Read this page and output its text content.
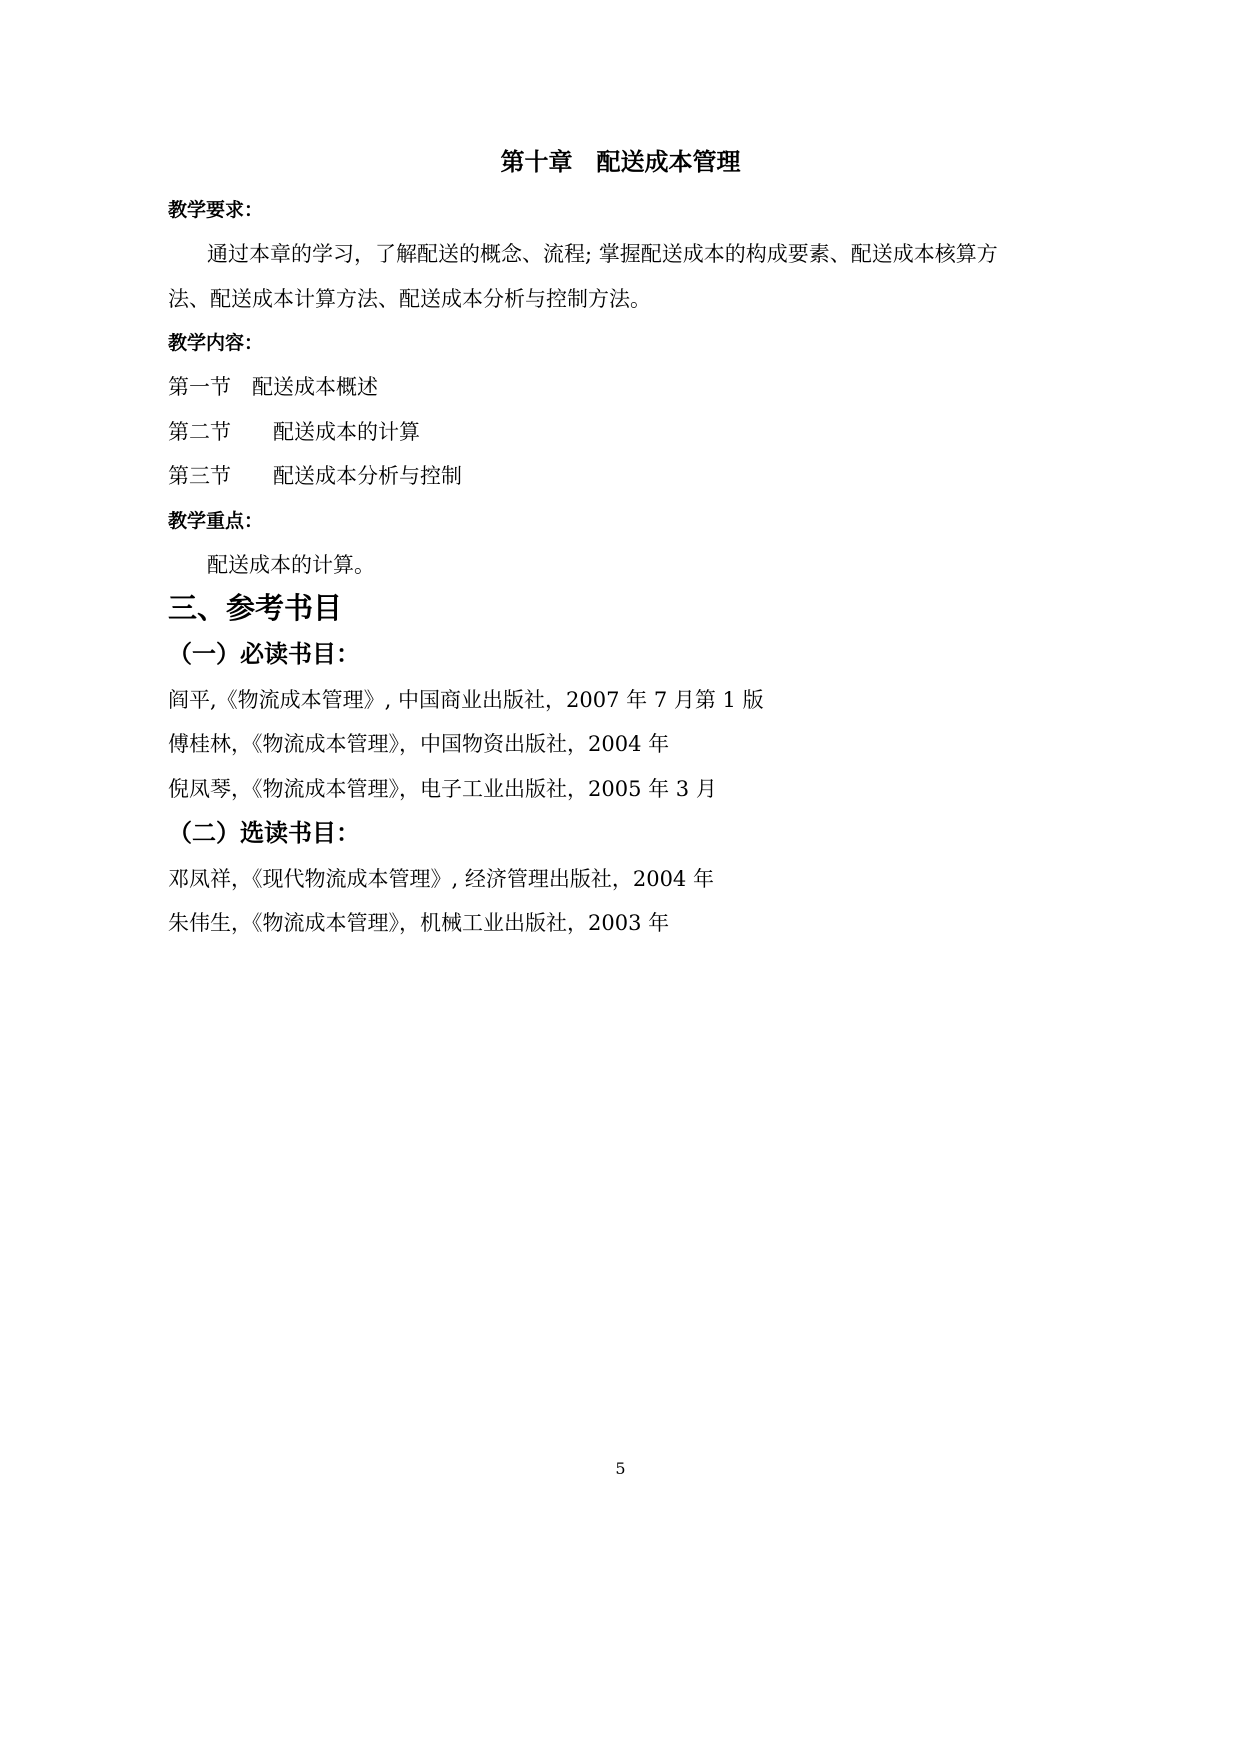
第十章　配送成本管理
教学要求：
通过本章的学习，了解配送的概念、流程; 掌握配送成本的构成要素、配送成本核算方
法、配送成本计算方法、配送成本分析与控制方法。
教学内容：
第一节　配送成本概述
第二节　　配送成本的计算
第三节　　配送成本分析与控制
教学重点：
配送成本的计算。
三、参考书目
（一）必读书目：
阎平,《物流成本管理》, 中国商业出版社，2007 年 7 月第 1 版
傅桂林，《物流成本管理》，中国物资出版社，2004 年
倪凤琴，《物流成本管理》，电子工业出版社，2005 年 3 月
（二）选读书目：
邓凤祥，《现代物流成本管理》, 经济管理出版社，2004 年
朱伟生，《物流成本管理》，机械工业出版社，2003 年
5
